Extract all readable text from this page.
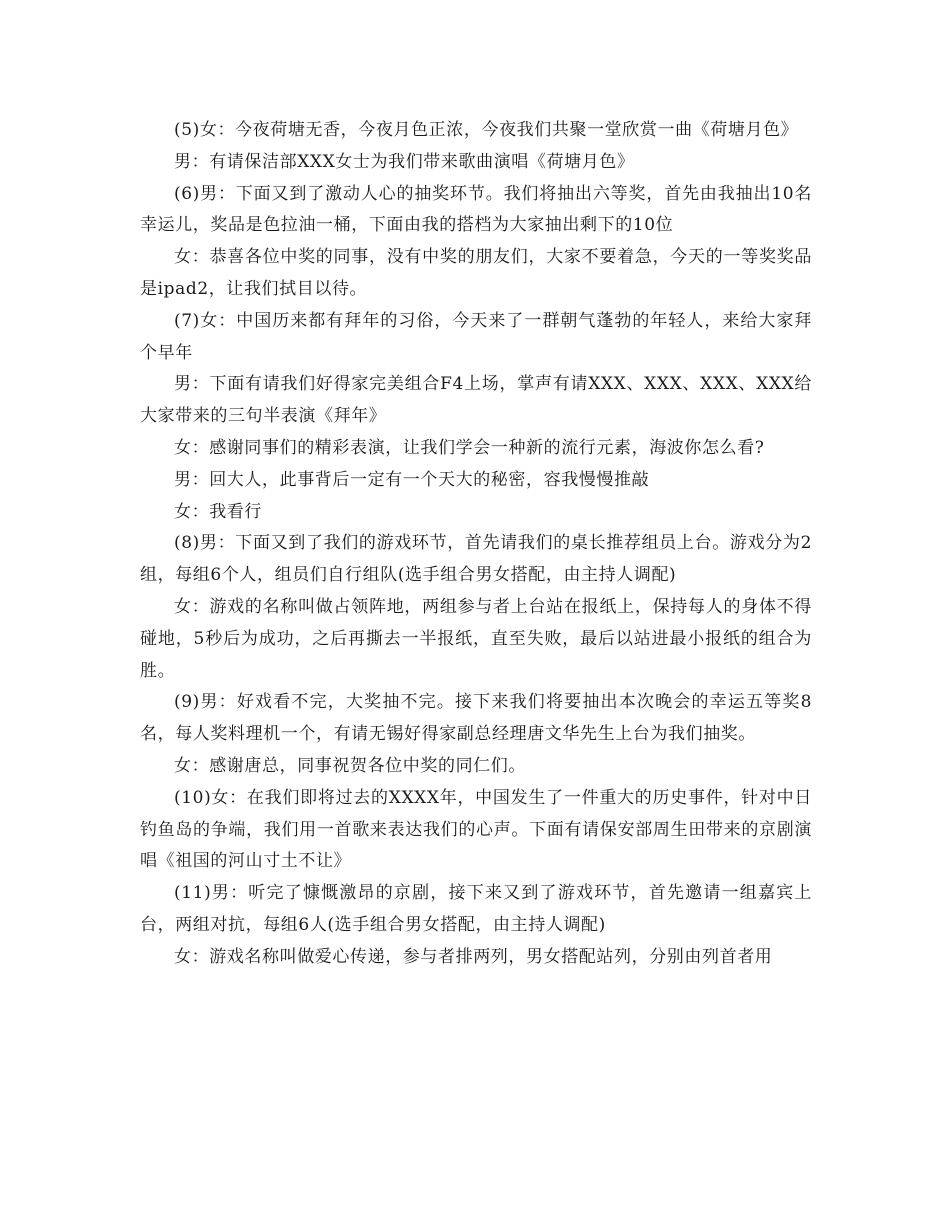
(5)女：今夜荷塘无香，今夜月色正浓，今夜我们共聚一堂欣赏一曲《荷塘月色》

男：有请保洁部XXX女士为我们带来歌曲演唱《荷塘月色》

(6)男：下面又到了激动人心的抽奖环节。我们将抽出六等奖，首先由我抽出10名幸运儿，奖品是色拉油一桶，下面由我的搭档为大家抽出剩下的10位

女：恭喜各位中奖的同事，没有中奖的朋友们，大家不要着急，今天的一等奖奖品是ipad2，让我们拭目以待。

(7)女：中国历来都有拜年的习俗，今天来了一群朝气蓬勃的年轻人，来给大家拜个早年

男：下面有请我们好得家完美组合F4上场，掌声有请XXX、XXX、XXX、XXX给大家带来的三句半表演《拜年》

女：感谢同事们的精彩表演，让我们学会一种新的流行元素，海波你怎么看?

男：回大人，此事背后一定有一个天大的秘密，容我慢慢推敲

女：我看行

(8)男：下面又到了我们的游戏环节，首先请我们的桌长推荐组员上台。游戏分为2组，每组6个人，组员们自行组队(选手组合男女搭配，由主持人调配)

女：游戏的名称叫做占领阵地，两组参与者上台站在报纸上，保持每人的身体不得碰地，5秒后为成功，之后再撕去一半报纸，直至失败，最后以站进最小报纸的组合为胜。

(9)男：好戏看不完，大奖抽不完。接下来我们将要抽出本次晚会的幸运五等奖8名，每人奖料理机一个，有请无锡好得家副总经理唐文华先生上台为我们抽奖。

女：感谢唐总，同事祝贺各位中奖的同仁们。

(10)女：在我们即将过去的XXXX年，中国发生了一件重大的历史事件，针对中日钓鱼岛的争端，我们用一首歌来表达我们的心声。下面有请保安部周生田带来的京剧演唱《祖国的河山寸土不让》

(11)男：听完了慷慨激昂的京剧，接下来又到了游戏环节，首先邀请一组嘉宾上台，两组对抗，每组6人(选手组合男女搭配，由主持人调配)

女：游戏名称叫做爱心传递，参与者排两列，男女搭配站列，分别由列首者用
